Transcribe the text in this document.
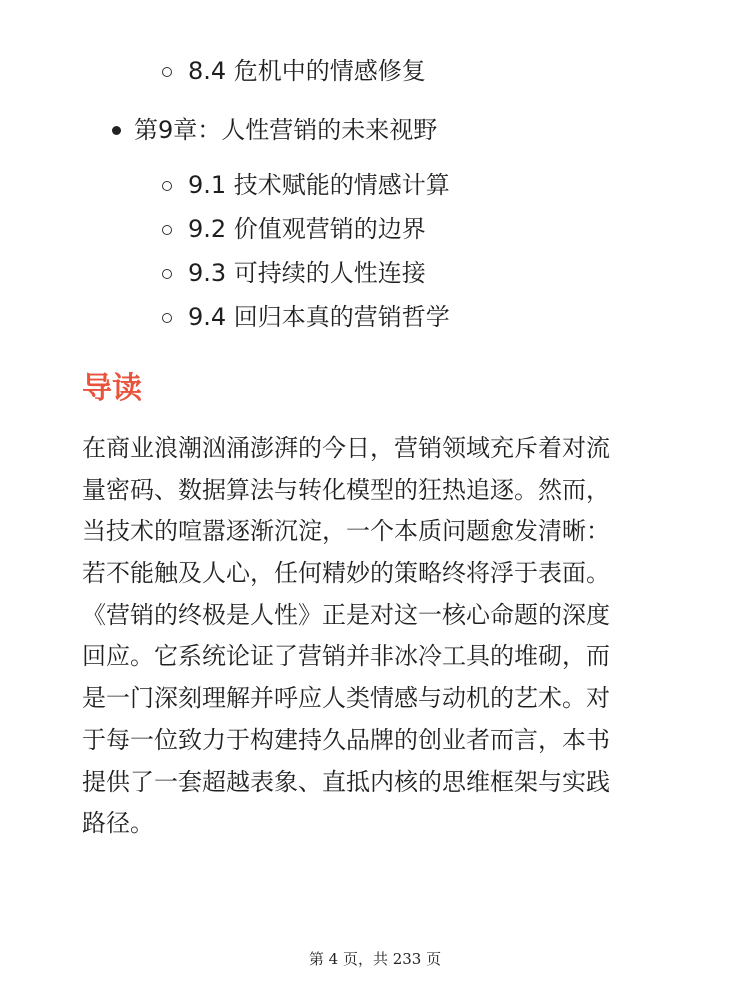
8.4 危机中的情感修复
第9章：人性营销的未来视野
9.1 技术赋能的情感计算
9.2 价值观营销的边界
9.3 可持续的人性连接
9.4 回归本真的营销哲学
导读
在商业浪潮汹涌澎湃的今日，营销领域充斥着对流
量密码、数据算法与转化模型的狂热追逐。然而，
当技术的喧嚣逐渐沉淀，一个本质问题愈发清晰：
若不能触及人心，任何精妙的策略终将浮于表面。
《营销的终极是人性》正是对这一核心命题的深度
回应。它系统论证了营销并非冰冷工具的堆砌，而
是一门深刻理解并呼应人类情感与动机的艺术。对
于每一位致力于构建持久品牌的创业者而言，本书
提供了一套超越表象、直抵内核的思维框架与实践
路径。
第 4 页，共 233 页
